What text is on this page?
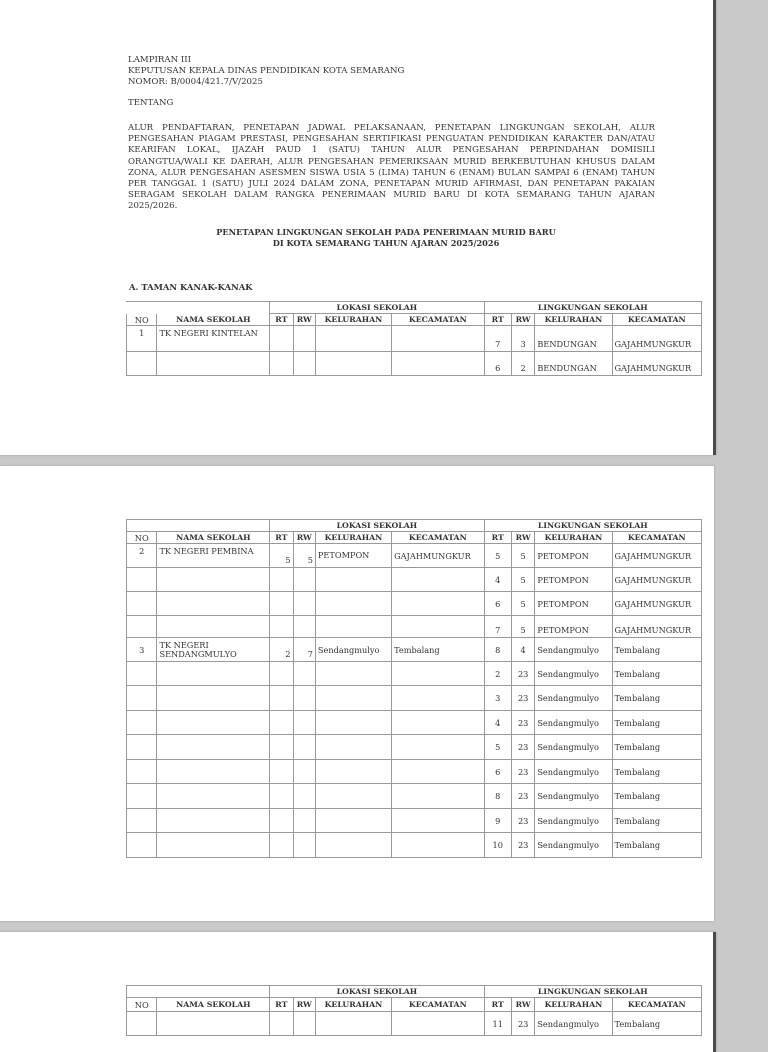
LAMPIRAN III
KEPUTUSAN KEPALA DINAS PENDIDIKAN KOTA SEMARANG
NOMOR: B/0004/421.7/V/2025
TENTANG
ALUR PENDAFTARAN, PENETAPAN JADWAL PELAKSANAAN, PENETAPAN LINGKUNGAN SEKOLAH, ALUR
PENGESAHAN PIAGAM PRESTASI, PENGESAHAN SERTIFIKASI PENGUATAN PENDIDIKAN KARAKTER DAN/ATAU
KEARIFAN LOKAL, IJAZAH PAUD 1 (SATU) TAHUN ALUR PENGESAHAN PERPINDAHAN DOMISILI
ORANGTUA/WALI KE DAERAH, ALUR PENGESAHAN PEMERIKSAAN MURID BERKEBUTUHAN KHUSUS DALAM
ZONA, ALUR PENGESAHAN ASESMEN SISWA USIA 5 (LIMA) TAHUN 6 (ENAM) BULAN SAMPAI 6 (ENAM) TAHUN
PER TANGGAL 1 (SATU) JULI 2024 DALAM ZONA, PENETAPAN MURID AFIRMASI, DAN PENETAPAN PAKAIAN
SERAGAM SEKOLAH DALAM RANGKA PENERIMAAN MURID BARU DI KOTA SEMARANG TAHUN AJARAN
2025/2026.
PENETAPAN LINGKUNGAN SEKOLAH PADA PENERIMAAN MURID BARU
DI KOTA SEMARANG TAHUN AJARAN 2025/2026
A. TAMAN KANAK-KANAK
		LOKASI SEKOLAH				LINGKUNGAN SEKOLAH			
NO	NAMA SEKOLAH	RT	RW	KELURAHAN	KECAMATAN	RT	RW	KELURAHAN	KECAMATAN
1	TK NEGERI KINTELAN					7	3	BENDUNGAN	GAJAHMUNGKUR
						6	2	BENDUNGAN	GAJAHMUNGKUR
		LOKASI SEKOLAH				LINGKUNGAN SEKOLAH			
NO	NAMA SEKOLAH	RT	RW	KELURAHAN	KECAMATAN	RT	RW	KELURAHAN	KECAMATAN
2	TK NEGERI PEMBINA	5	5	PETOMPON	GAJAHMUNGKUR	5	5	PETOMPON	GAJAHMUNGKUR
						4	5	PETOMPON	GAJAHMUNGKUR
						6	5	PETOMPON	GAJAHMUNGKUR
						7	5	PETOMPON	GAJAHMUNGKUR
3	TK NEGERI
SENDANGMULYO	2	7	Sendangmulyo	Tembalang	8	4	Sendangmulyo	Tembalang
						2	23	Sendangmulyo	Tembalang
						3	23	Sendangmulyo	Tembalang
						4	23	Sendangmulyo	Tembalang
						5	23	Sendangmulyo	Tembalang
						6	23	Sendangmulyo	Tembalang
						8	23	Sendangmulyo	Tembalang
						9	23	Sendangmulyo	Tembalang
						10	23	Sendangmulyo	Tembalang
		LOKASI SEKOLAH				LINGKUNGAN SEKOLAH			
NO	NAMA SEKOLAH	RT	RW	KELURAHAN	KECAMATAN	RT	RW	KELURAHAN	KECAMATAN
						11	23	Sendangmulyo	Tembalang
